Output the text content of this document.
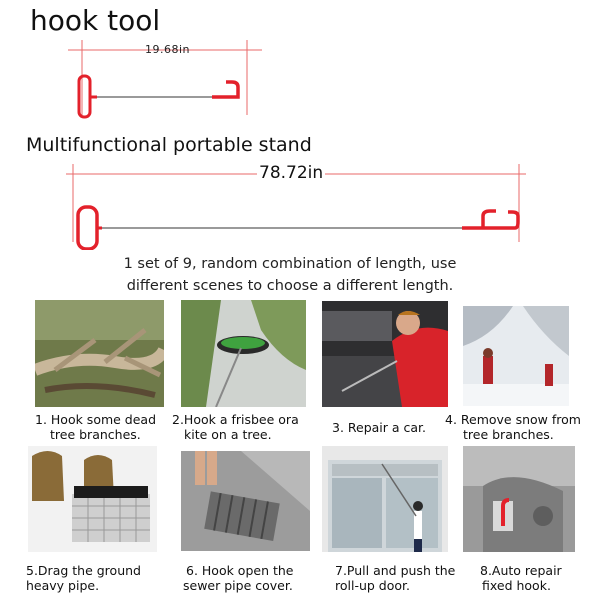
hook tool
19.68in
Multifunctional portable stand
78.72in
1 set of 9, random combination of length, use
different scenes to choose a different length.
1. Hook some dead
tree branches.
2.Hook a frisbee ora
kite on a tree.	3. Repair a car.
4. Remove snow from
tree branches.
5.Drag the ground
heavy pipe.
6. Hook open the
sewer pipe cover.
7.Pull and push the
roll-up door.
8.Auto repair
fixed hook.
